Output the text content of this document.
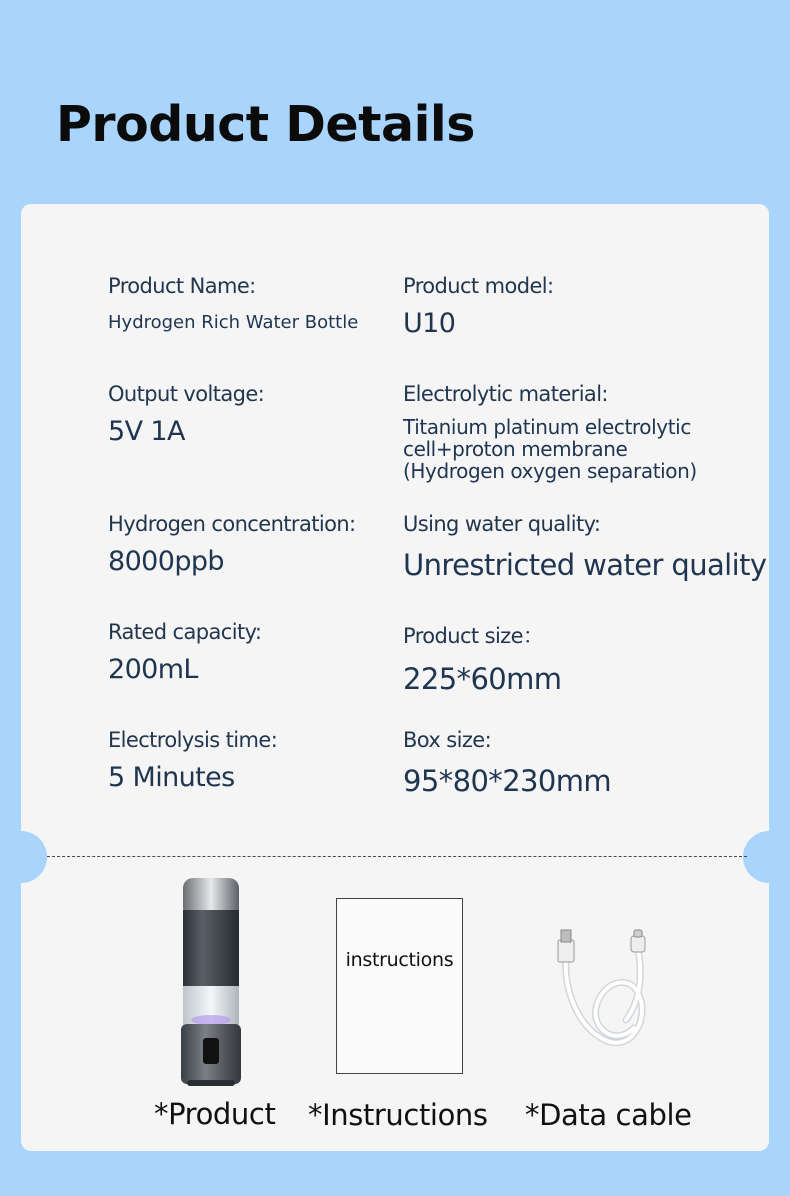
Product Details
Product Name:
Hydrogen Rich Water Bottle
Product model:
U10
Output voltage:
5V 1A
Electrolytic material:
Titanium platinum electrolytic
cell+proton membrane
(Hydrogen oxygen separation)
Hydrogen concentration:
8000ppb
Using water quality:
Unrestricted water quality
Rated capacity:
200mL
Product size：
225*60mm
Electrolysis time:
5 Minutes
Box size:
95*80*230mm
*Product
instructions
*Instructions *Data cable
